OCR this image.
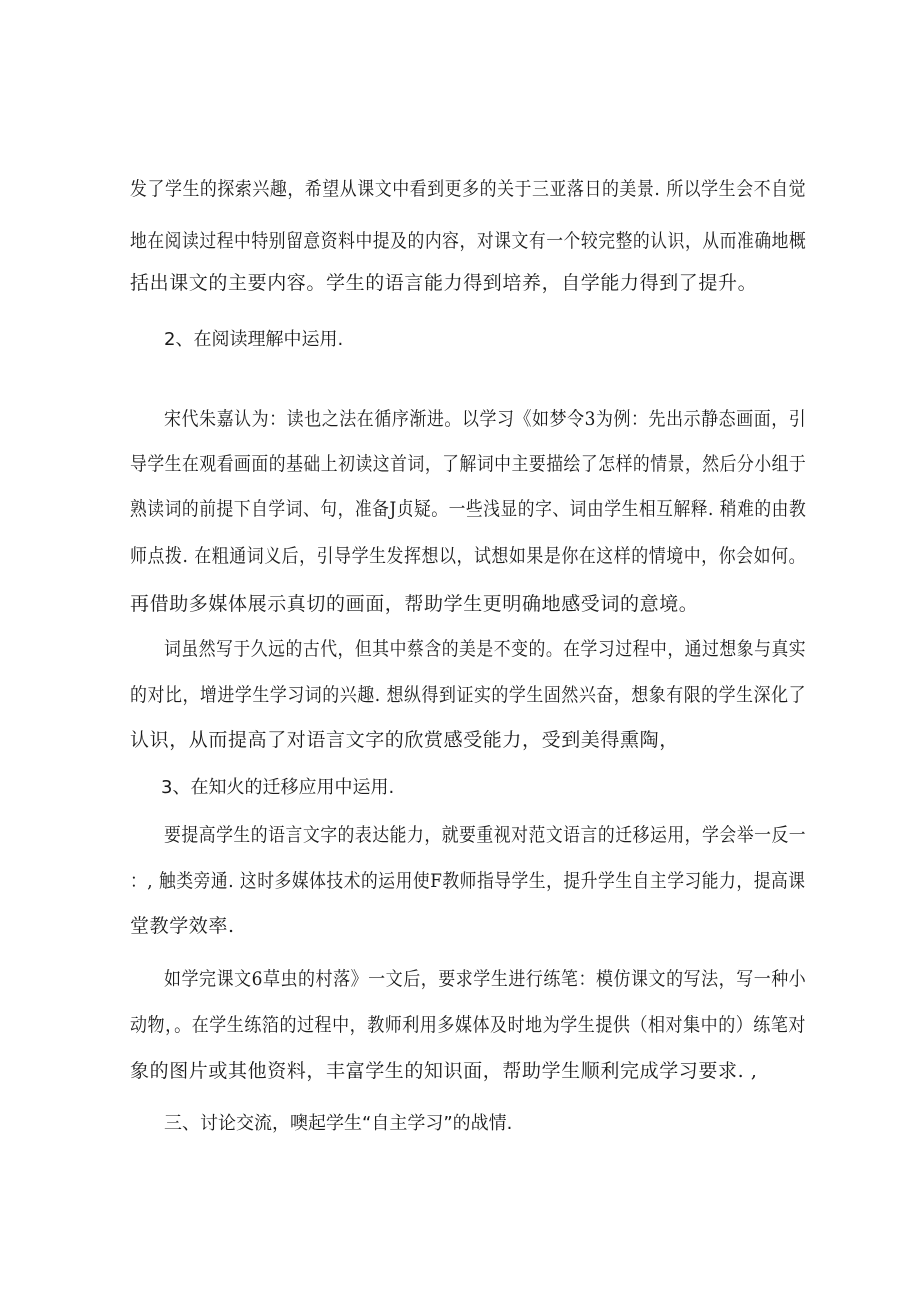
发了学生的探索兴趣，希望从课文中看到更多的关于三亚落日的美景. 所以学生会不自觉
地在阅读过程中特别留意资料中提及的内容，对课文有一个较完整的认识，从而准确地概
括出课文的主要内容。学生的语言能力得到培养，自学能力得到了提升。
2、在阅读理解中运用.
宋代朱嘉认为：读也之法在循序渐进。以学习《如梦令3为例：先出示静态画面，引
导学生在观看画面的基础上初读这首词，了解词中主要描绘了怎样的情景，然后分小组于
熟读词的前提下自学词、句，准备J贞疑。一些浅显的字、词由学生相互解释. 稍难的由教
师点拨. 在粗通词义后，引导学生发挥想以，试想如果是你在这样的情境中，你会如何。
再借助多媒体展示真切的画面，帮助学生更明确地感受词的意境。
词虽然写于久远的古代，但其中蔡含的美是不变的。在学习过程中，通过想象与真实
的对比，增进学生学习词的兴趣. 想纵得到证实的学生固然兴奋，想象有限的学生深化了
认识，从而提高了对语言文字的欣赏感受能力，受到美得熏陶，
3、在知火的迁移应用中运用.
要提高学生的语言文字的表达能力，就要重视对范文语言的迁移运用，学会举一反一
：, 触类旁通. 这时多媒体技术的运用使F教师指导学生，提升学生自主学习能力，提高课
堂教学效率.
如学完课文6草虫的村落》一文后，要求学生进行练笔：模仿课文的写法，写一种小
动物，。在学生练箔的过程中，教师利用多媒体及时地为学生提供（相对集中的）练笔对
象的图片或其他资料，丰富学生的知识面，帮助学生顺利完成学习要求. ,
三、讨论交流，噢起学生“自主学习”的战情.
